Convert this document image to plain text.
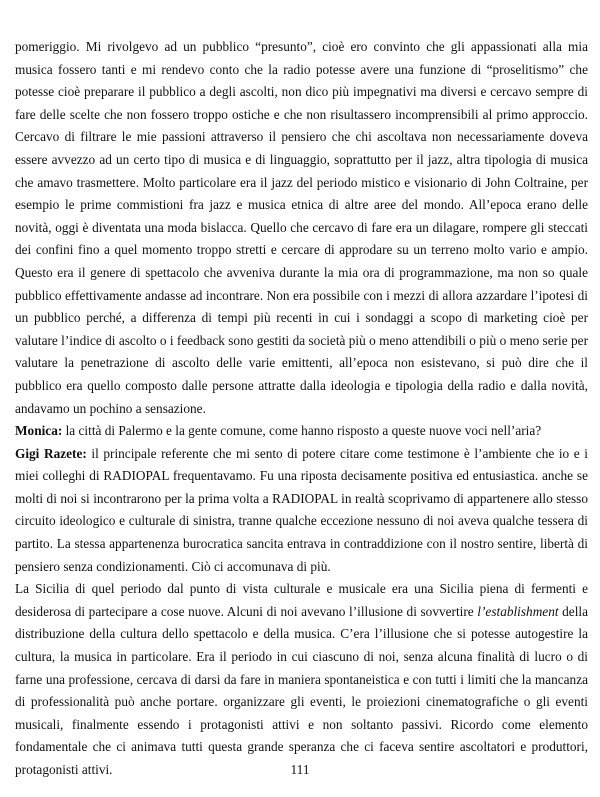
pomeriggio. Mi rivolgevo ad un pubblico “presunto”, cioè ero convinto che gli appassionati alla mia musica fossero tanti e mi rendevo conto che la radio potesse avere una funzione di “proselitismo” che potesse cioè preparare il pubblico a degli ascolti, non dico più impegnativi ma diversi e cercavo sempre di fare delle scelte che non fossero troppo ostiche e che non risultassero incomprensibili al primo approccio. Cercavo di filtrare le mie passioni attraverso il pensiero che chi ascoltava non necessariamente doveva essere avvezzo ad un certo tipo di musica e di linguaggio, soprattutto per il jazz, altra tipologia di musica che amavo trasmettere. Molto particolare era il jazz del periodo mistico e visionario di John Coltraine, per esempio le prime commistioni fra jazz e musica etnica di altre aree del mondo. All’epoca erano delle novità, oggi è diventata una moda bislacca. Quello che cercavo di fare era un dilagare, rompere gli steccati dei confini fino a quel momento troppo stretti e cercare di approdare su un terreno molto vario e ampio. Questo era il genere di spettacolo che avveniva durante la mia ora di programmazione, ma non so quale pubblico effettivamente andasse ad incontrare. Non era possibile con i mezzi di allora azzardare l’ipotesi di un pubblico perché, a differenza di tempi più recenti in cui i sondaggi a scopo di marketing cioè per valutare l’indice di ascolto o i feedback sono gestiti da società più o meno attendibili o più o meno serie per valutare la penetrazione di ascolto delle varie emittenti, all’epoca non esistevano, si può dire che il pubblico era quello composto dalle persone attratte dalla ideologia e tipologia della radio e dalla novità, andavamo un pochino a sensazione.

Monica: la città di Palermo e la gente comune, come hanno risposto a queste nuove voci nell’aria?

Gigi Razete: il principale referente che mi sento di potere citare come testimone è l’ambiente che io e i miei colleghi di RADIOPAL frequentavamo. Fu una riposta decisamente positiva ed entusiastica. anche se molti di noi si incontrarono per la prima volta a RADIOPAL in realtà scoprivamo di appartenere allo stesso circuito ideologico e culturale di sinistra, tranne qualche eccezione nessuno di noi aveva qualche tessera di partito. La stessa appartenenza burocratica sancita entrava in contraddizione con il nostro sentire, libertà di pensiero senza condizionamenti. Ciò ci accomunava di più.

La Sicilia di quel periodo dal punto di vista culturale e musicale era una Sicilia piena di fermenti e desiderosa di partecipare a cose nuove. Alcuni di noi avevano l’illusione di sovvertire l’establishment della distribuzione della cultura dello spettacolo e della musica. C’era l’illusione che si potesse autogestire la cultura, la musica in particolare. Era il periodo in cui ciascuno di noi, senza alcuna finalità di lucro o di farne una professione, cercava di darsi da fare in maniera spontaneistica e con tutti i limiti che la mancanza di professionalità può anche portare. organizzare gli eventi, le proiezioni cinematografiche o gli eventi musicali, finalmente essendo i protagonisti attivi e non soltanto passivi. Ricordo come elemento fondamentale che ci animava tutti questa grande speranza che ci faceva sentire ascoltatori e produttori, protagonisti attivi.	111
